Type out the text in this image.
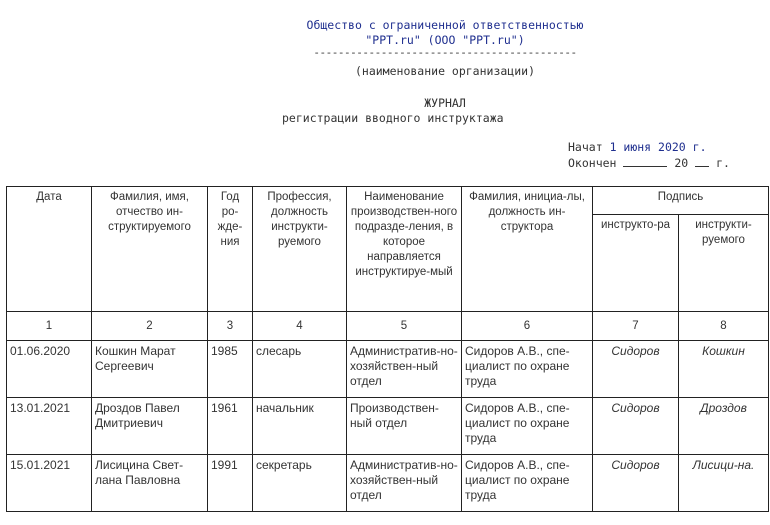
Общество с ограниченной ответственностью
"PPT.ru" (ООО "PPT.ru")
-------------------------------------------
(наименование организации)
ЖУРНАЛ
регистрации вводного инструктажа
Начат 1 июня 2020 г.
Окончен	20 г.
Дата	Фамилия, имя, отчество ин-структируемого	Год ро-жде-ния	Профессия, должность инструкти-руемого	Наименование производствен-ного подразде-ления, в которое направляется инструктируе-мый	Фамилия, инициа-лы, должность ин-структора	Подпись	
						инструкто-ра	инструкти-руемого
1	2	3	4	5	6	7	8
01.06.2020	Кошкин Марат Сергеевич	1985	слесарь	Административ-но-хозяйствен-ный отдел	Сидоров А.В., спе-циалист по охране труда	Сидоров	Кошкин
13.01.2021	Дроздов Павел Дмитриевич	1961	начальник	Производствен-ный отдел	Сидоров А.В., спе-циалист по охране труда	Сидоров	Дроздов
15.01.2021	Лисицина Свет-лана Павловна	1991	секретарь	Административ-но-хозяйствен-ный отдел	Сидоров А.В., спе-циалист по охране труда	Сидоров	Лисици-на.
